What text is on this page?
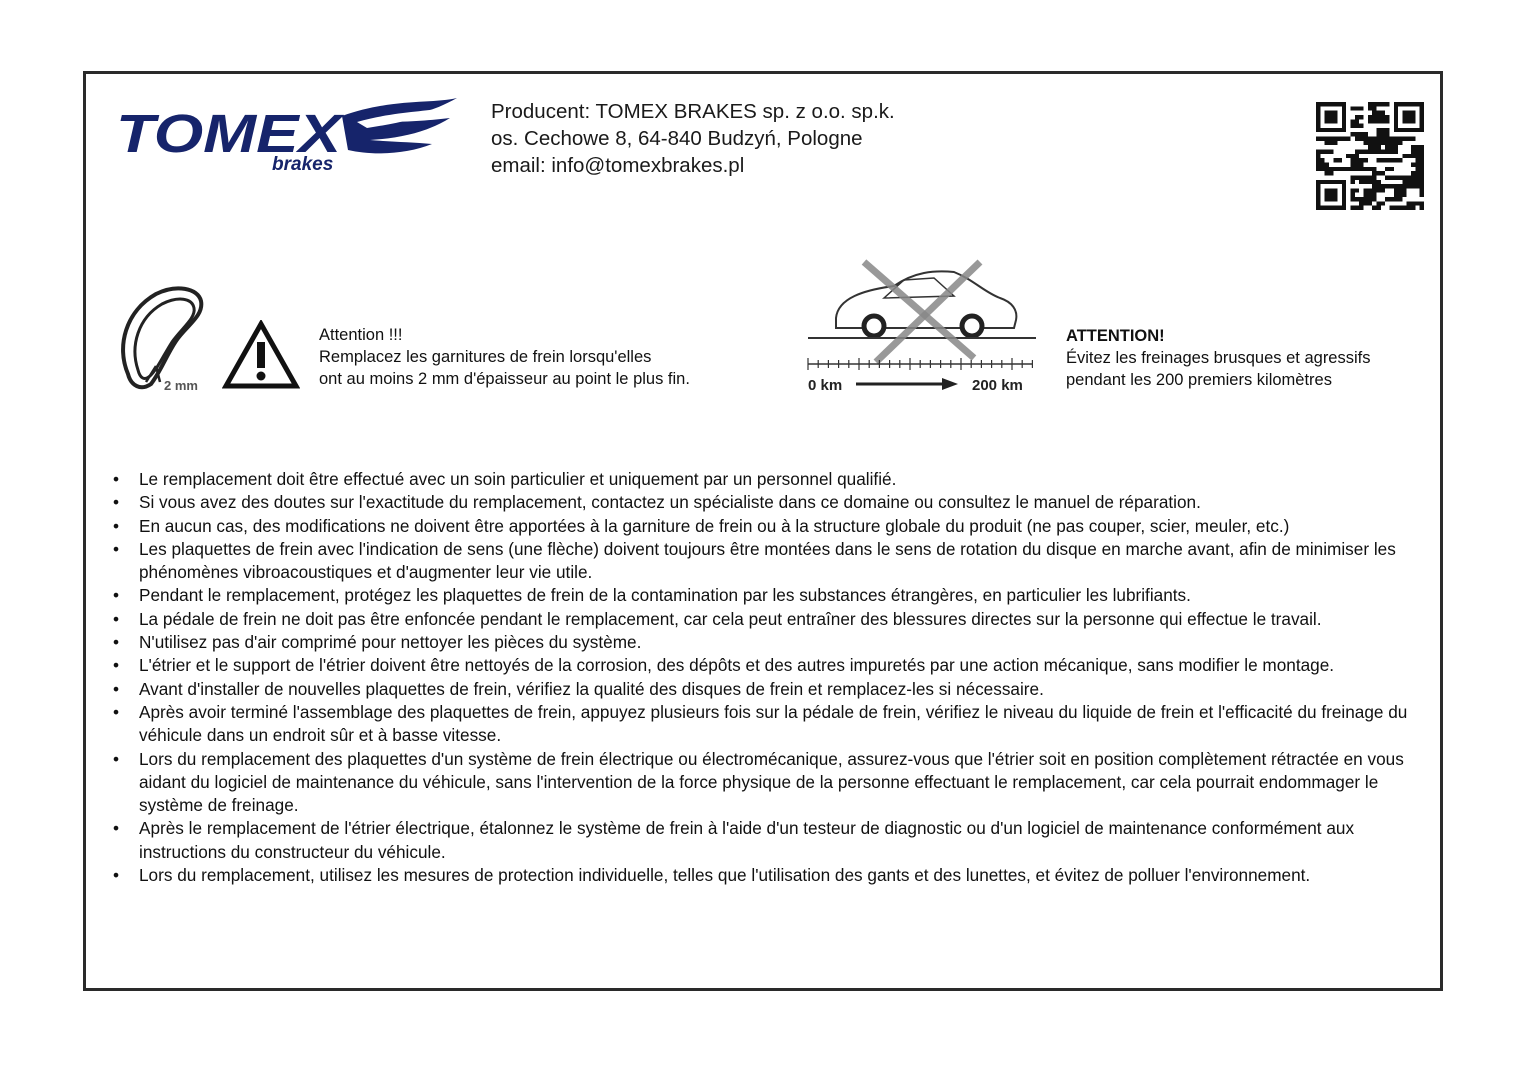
TOMEX
brakes
Producent: TOMEX BRAKES sp. z o.o. sp.k.
os. Cechowe 8, 64-840 Budzyń, Pologne
email: info@tomexbrakes.pl
2 mm
Attention !!!
Remplacez les garnitures de frein lorsqu'elles
ont au moins 2 mm d'épaisseur au point le plus fin.	0 km	200 km
ATTENTION!
Évitez les freinages brusques et agressifs
pendant les 200 premiers kilomètres
• Le remplacement doit être effectué avec un soin particulier et uniquement par un personnel qualifié.
• Si vous avez des doutes sur l'exactitude du remplacement, contactez un spécialiste dans ce domaine ou consultez le manuel de réparation.
• En aucun cas, des modifications ne doivent être apportées à la garniture de frein ou à la structure globale du produit (ne pas couper, scier, meuler, etc.)
• Les plaquettes de frein avec l'indication de sens (une flèche) doivent toujours être montées dans le sens de rotation du disque en marche avant, afin de minimiser les phénomènes vibroacoustiques et d'augmenter leur vie utile.
• Pendant le remplacement, protégez les plaquettes de frein de la contamination par les substances étrangères, en particulier les lubrifiants.
• La pédale de frein ne doit pas être enfoncée pendant le remplacement, car cela peut entraîner des blessures directes sur la personne qui effectue le travail.
• N'utilisez pas d'air comprimé pour nettoyer les pièces du système.
• L'étrier et le support de l'étrier doivent être nettoyés de la corrosion, des dépôts et des autres impuretés par une action mécanique, sans modifier le montage.
• Avant d'installer de nouvelles plaquettes de frein, vérifiez la qualité des disques de frein et remplacez-les si nécessaire.
• Après avoir terminé l'assemblage des plaquettes de frein, appuyez plusieurs fois sur la pédale de frein, vérifiez le niveau du liquide de frein et l'efficacité du freinage du véhicule dans un endroit sûr et à basse vitesse.
• Lors du remplacement des plaquettes d'un système de frein électrique ou électromécanique, assurez-vous que l'étrier soit en position complètement rétractée en vous aidant du logiciel de maintenance du véhicule, sans l'intervention de la force physique de la personne effectuant le remplacement, car cela pourrait endommager le système de freinage.
• Après le remplacement de l'étrier électrique, étalonnez le système de frein à l'aide d'un testeur de diagnostic ou d'un logiciel de maintenance conformément aux instructions du constructeur du véhicule.
• Lors du remplacement, utilisez les mesures de protection individuelle, telles que l'utilisation des gants et des lunettes, et évitez de polluer l'environnement.
